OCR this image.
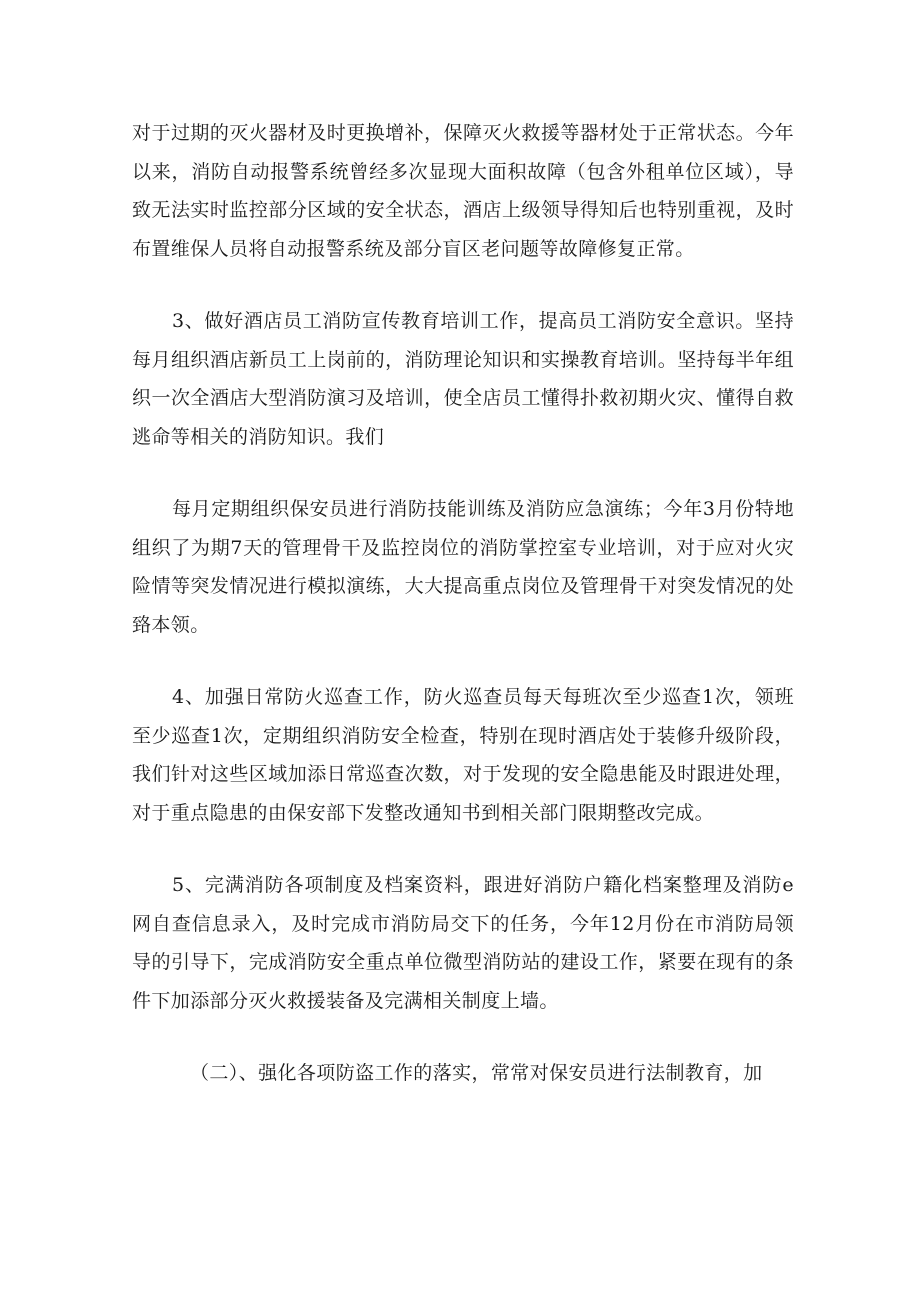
对于过期的灭火器材及时更换增补，保障灭火救援等器材处于正常状态。今年以来，消防自动报警系统曾经多次显现大面积故障（包含外租单位区域），导致无法实时监控部分区域的安全状态，酒店上级领导得知后也特别重视，及时布置维保人员将自动报警系统及部分盲区老问题等故障修复正常。

3、做好酒店员工消防宣传教育培训工作，提高员工消防安全意识。坚持每月组织酒店新员工上岗前的，消防理论知识和实操教育培训。坚持每半年组织一次全酒店大型消防演习及培训，使全店员工懂得扑救初期火灾、懂得自救逃命等相关的消防知识。我们

每月定期组织保安员进行消防技能训练及消防应急演练；今年3月份特地组织了为期7天的管理骨干及监控岗位的消防掌控室专业培训，对于应对火灾险情等突发情况进行模拟演练，大大提高重点岗位及管理骨干对突发情况的处臵本领。

4、加强日常防火巡查工作，防火巡查员每天每班次至少巡查1次，领班至少巡查1次，定期组织消防安全检查，特别在现时酒店处于装修升级阶段，我们针对这些区域加添日常巡查次数，对于发现的安全隐患能及时跟进处理，对于重点隐患的由保安部下发整改通知书到相关部门限期整改完成。

5、完满消防各项制度及档案资料，跟进好消防户籍化档案整理及消防e网自查信息录入，及时完成市消防局交下的任务，今年12月份在市消防局领导的引导下，完成消防安全重点单位微型消防站的建设工作，紧要在现有的条件下加添部分灭火救援装备及完满相关制度上墙。

（二）、强化各项防盗工作的落实，常常对保安员进行法制教育，加
